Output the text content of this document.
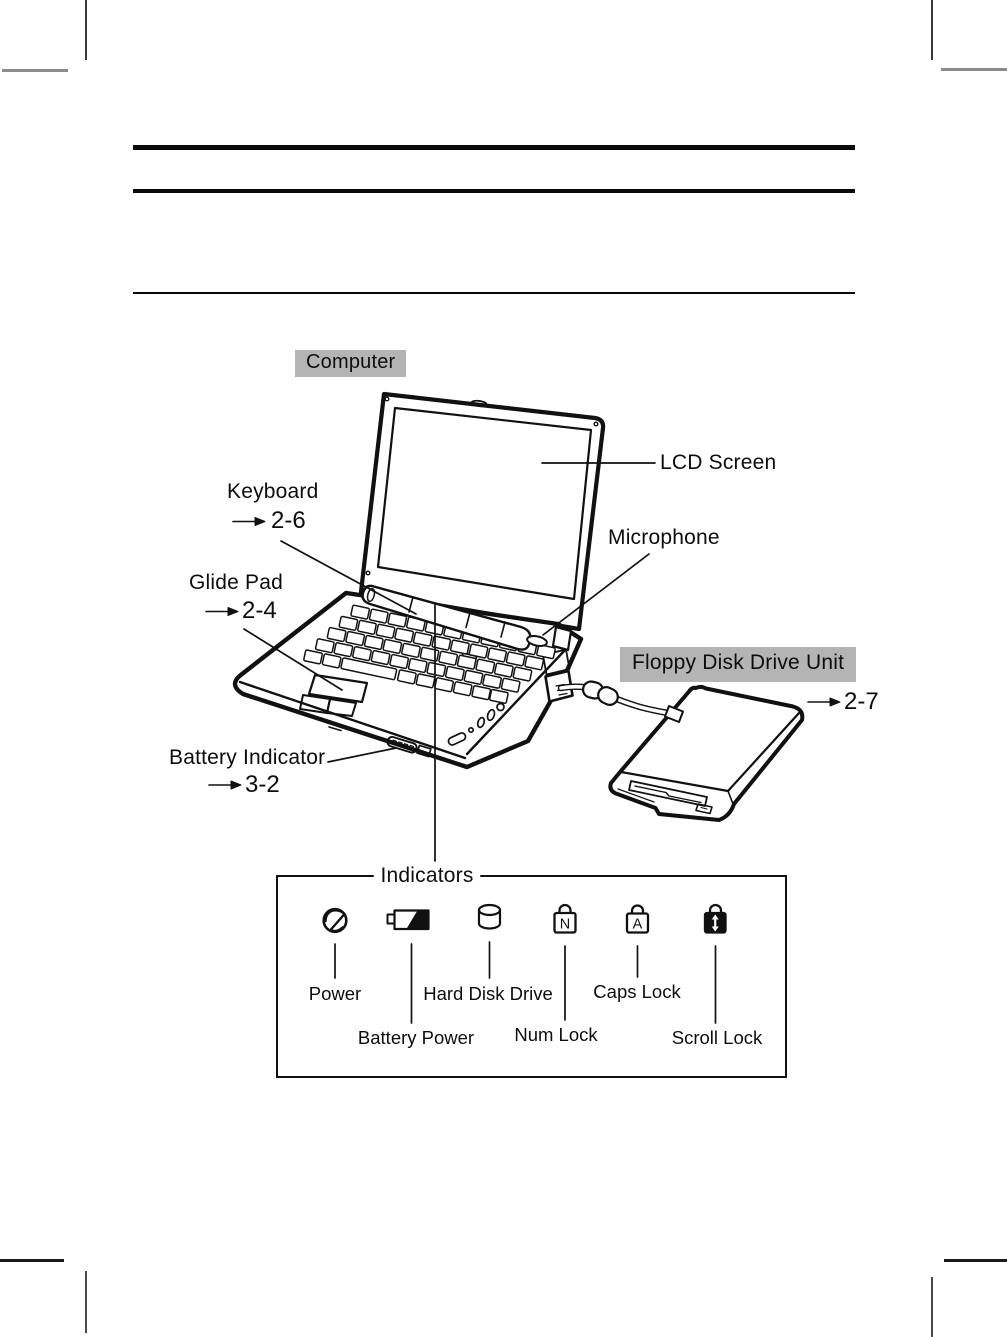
N	A
Computer
Keyboard
2-6
Glide Pad
2-4
LCD Screen
Microphone
Floppy Disk Drive Unit
2-7
Battery Indicator
3-2
Indicators
Power
Battery Power
Hard Disk Drive
Num Lock
Caps Lock
Scroll Lock
